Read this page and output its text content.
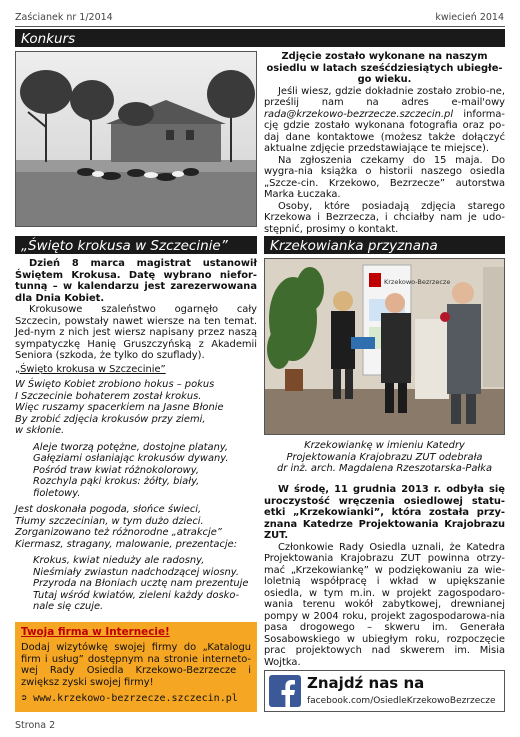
Zaścianek nr 1/2014	kwiecień 2014
Konkurs

Zdjęcie zostało wykonane na naszym osiedlu w latach sześćdziesiątych ubiegłe-go wieku.

Jeśli wiesz, gdzie dokładnie zostało zrobio-ne, prześlij nam na adres e-mail'owy rada@krzekowo-bezrzecze.szczecin.pl informa-cję gdzie zostało wykonana fotografia oraz po-daj dane kontaktowe (możesz także dołączyć aktualne zdjęcie przedstawiające te miejsce).

Na zgłoszenia czekamy do 15 maja. Do wygra-nia książka o historii naszego osiedla „Szcze-cin. Krzekowo, Bezrzecze” autorstwa Marka Łuczaka.

Osoby, które posiadają zdjęcia starego Krzekowa i Bezrzecza, i chciałby nam je udo-stępnić, prosimy o kontakt.

„Święto krokusa w Szczecinie”

Dzień 8 marca magistrat ustanowił Świętem Krokusa. Datę wybrano niefor-tunną – w kalendarzu jest zarezerwowana dla Dnia Kobiet.

Krokusowe szaleństwo ogarnęło cały Szczecin, powstały nawet wiersze na ten temat. Jed-nym z nich jest wiersz napisany przez naszą sympatyczkę Hanię Gruszczyńską z Akademii Seniora (szkoda, że tylko do szuflady).

„Święto krokusa w Szczecinie”

W Święto Kobiet zrobiono hokus – pokus
I Szczecinie bohaterem został krokus.
Więc ruszamy spacerkiem na Jasne Błonie
By zrobić zdjęcia krokusów przy ziemi,
w skłonie.
Aleje tworzą potężne, dostojne platany,
Gałęziami osłaniając krokusów dywany.
Pośród traw kwiat różnokolorowy,
Rozchyla pąki krokus: żółty, biały,
fioletowy.
Jest doskonała pogoda, słońce świeci,
Tłumy szczecinian, w tym dużo dzieci.
Zorganizowano też różnorodne „atrakcje”
Kiermasz, stragany, malowanie, prezentacje:
Krokus, kwiat nieduży ale radosny,
Nieśmiały zwiastun nadchodzącej wiosny.
Przyroda na Błoniach ucztę nam prezentuje
Tutaj wśród kwiatów, zieleni każdy dosko-
nale się czuje.
Twoja firma w Internecie!

Dodaj wizytówkę swojej firmy do „Katalogu firm i usług” dostępnym na stronie interneto-wej Rady Osiedla Krzekowo-Bezrzecze i zwiększ zyski swojej firmy!

➲ www.krzekowo-bezrzecze.szczecin.pl
Krzekowianka przyznana
Krzekowo-Bezrzecze
Krzekowiankę w imieniu Katedry
Projektowania Krajobrazu ZUT odebrała
dr inż. arch. Magdalena Rzeszotarska-Pałka

W środę, 11 grudnia 2013 r. odbyła się uroczystość wręczenia osiedlowej statu-etki „Krzekowianki”, która została przy-znana Katedrze Projektowania Krajobrazu ZUT.

Członkowie Rady Osiedla uznali, że Katedra Projektowania Krajobrazu ZUT powinna otrzy-mać „Krzekowiankę” w podziękowaniu za wie-loletnią współpracę i wkład w upiększanie osiedla, w tym m.in. w projekt zagospodaro-wania terenu wokół zabytkowej, drewnianej pompy w 2004 roku, projekt zagospodarowa-nia pasa drogowego – skweru im. Generała Sosabowskiego w ubiegłym roku, rozpoczęcie prac projektowych nad skwerem im. Misia Wojtka.

Znajdź nas na
facebook.com/OsiedleKrzekowoBezrzecze
Strona 2
